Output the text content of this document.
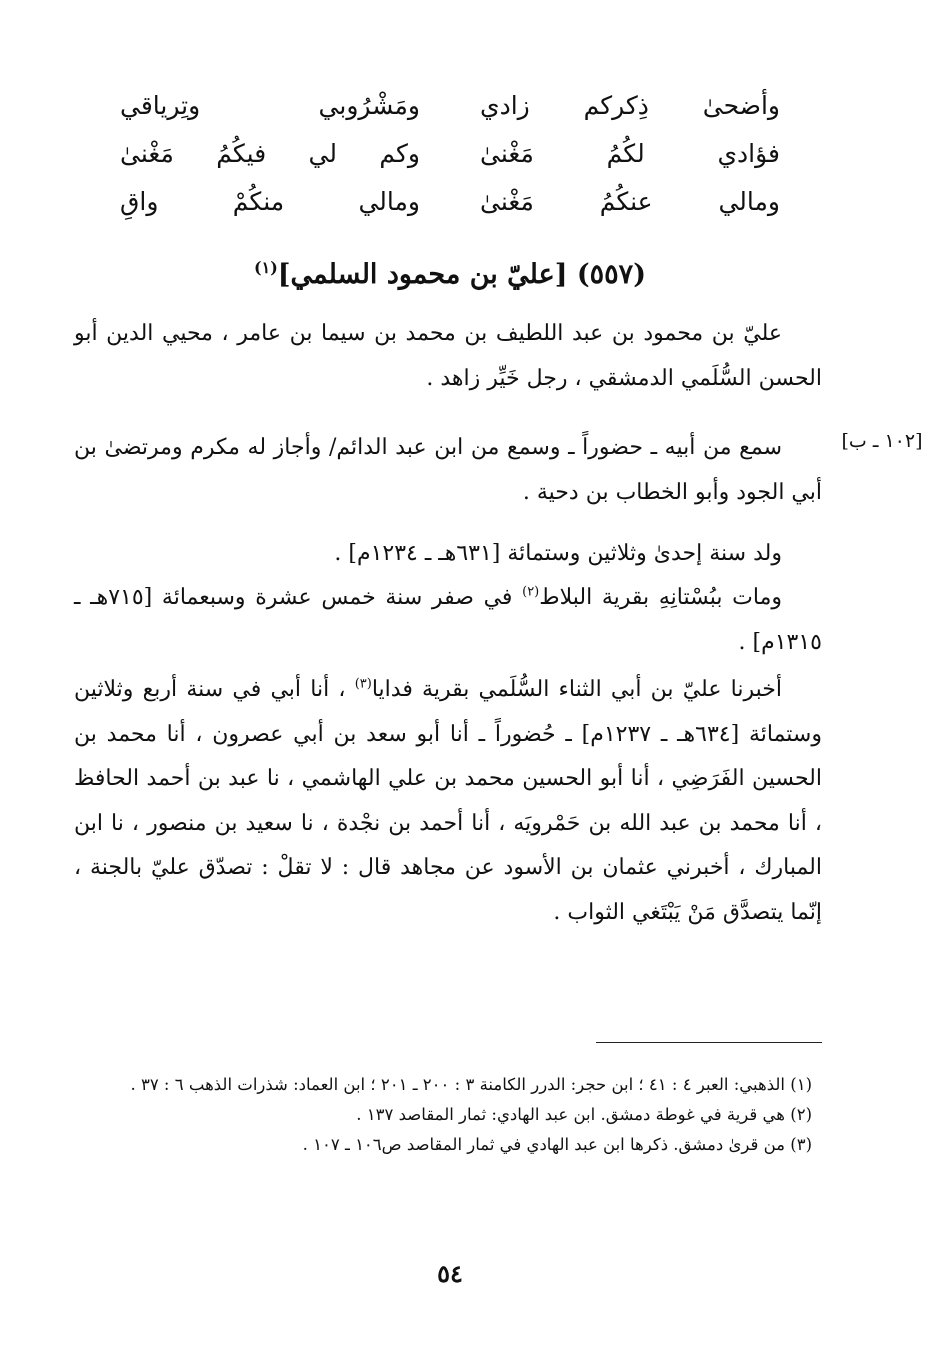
وأضحىٰ ذِكركم زادي
ومَشْرُوبي وتِرياقي
فؤادي لكُمُ مَغْنىٰ
وكم لي فيكُمُ مَغْنىٰ
ومالي عنكُمُ مَغْنىٰ
ومالي منكُمْ واقِ
(٥٥٧) [عليّ بن محمود السلمي]$^{(١)}$

عليّ بن محمود بن عبد اللطيف بن محمد بن سيما بن عامر ، محيي الدين أبو الحسن السُّلَمي الدمشقي ، رجل خَيِّر زاهد .

[١٠٢ ـ ب]

سمع من أبيه ـ حضوراً ـ وسمع من ابن عبد الدائم/ وأجاز له مكرم ومرتضىٰ بن أبي الجود وأبو الخطاب بن دحية .

ولد سنة إحدىٰ وثلاثين وستمائة [٦٣١هـ ـ ١٢٣٤م] .

ومات ببُسْتانِهِ بقرية البلاط$^{(٢)}$ في صفر سنة خمس عشرة وسبعمائة [٧١٥هـ ـ ١٣١٥م] .

أخبرنا عليّ بن أبي الثناء السُّلَمي بقرية فدايا$^{(٣)}$ ، أنا أبي في سنة أربع وثلاثين وستمائة [٦٣٤هـ ـ ١٢٣٧م] ـ حُضوراً ـ أنا أبو سعد بن أبي عصرون ، أنا محمد بن الحسين الفَرَضِي ، أنا أبو الحسين محمد بن علي الهاشمي ، نا عبد بن أحمد الحافظ ، أنا محمد بن عبد الله بن حَمْرويَه ، أنا أحمد بن نجْدة ، نا سعيد بن منصور ، نا ابن المبارك ، أخبرني عثمان بن الأسود عن مجاهد قال : لا تقلْ : تصدّق عليّ بالجنة ، إنّما يتصدَّق مَنْ يَبْتَغي الثواب .

(١) الذهبي: العبر ٤ : ٤١ ؛ ابن حجر: الدرر الكامنة ٣ : ٢٠٠ ـ ٢٠١ ؛ ابن العماد: شذرات الذهب ٦ : ٣٧ .

(٢) هي قرية في غوطة دمشق. ابن عبد الهادي: ثمار المقاصد ١٣٧ .

(٣) من قرىٰ دمشق. ذكرها ابن عبد الهادي في ثمار المقاصد ص١٠٦ ـ ١٠٧ .

٥٤
